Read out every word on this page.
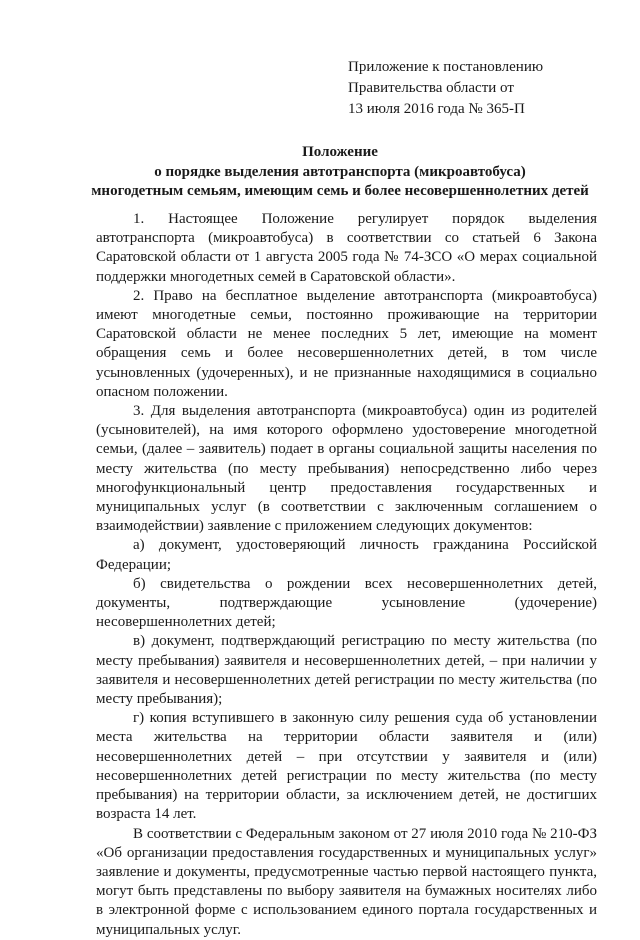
Приложение к постановлению
Правительства области от
13 июля 2016 года № 365-П
Положение
о порядке выделения автотранспорта (микроавтобуса)
многодетным семьям, имеющим семь и более несовершеннолетних детей

1. Настоящее Положение регулирует порядок выделения автотранспорта (микроавтобуса) в соответствии со статьей 6 Закона Саратовской области от 1 августа 2005 года № 74-ЗСО «О мерах социальной поддержки многодетных семей в Саратовской области».

2. Право на бесплатное выделение автотранспорта (микроавтобуса) имеют многодетные семьи, постоянно проживающие на территории Саратовской области не менее последних 5 лет, имеющие на момент обращения семь и более несовершеннолетних детей, в том числе усыновленных (удочеренных), и не признанные находящимися в социально опасном положении.

3. Для выделения автотранспорта (микроавтобуса) один из родителей (усыновителей), на имя которого оформлено удостоверение многодетной семьи, (далее – заявитель) подает в органы социальной защиты населения по месту жительства (по месту пребывания) непосредственно либо через многофункциональный центр предоставления государственных и муниципальных услуг (в соответствии с заключенным соглашением о взаимодействии) заявление с приложением следующих документов:

а) документ, удостоверяющий личность гражданина Российской Федерации;

б) свидетельства о рождении всех несовершеннолетних детей, документы, подтверждающие усыновление (удочерение) несовершеннолетних детей;

в) документ, подтверждающий регистрацию по месту жительства (по месту пребывания) заявителя и несовершеннолетних детей, – при наличии у заявителя и несовершеннолетних детей регистрации по месту жительства (по месту пребывания);

г) копия вступившего в законную силу решения суда об установлении места жительства на территории области заявителя и (или) несовершеннолетних детей – при отсутствии у заявителя и (или) несовершеннолетних детей регистрации по месту жительства (по месту пребывания) на территории области, за исключением детей, не достигших возраста 14 лет.

В соответствии с Федеральным законом от 27 июля 2010 года № 210-ФЗ «Об организации предоставления государственных и муниципальных услуг» заявление и документы, предусмотренные частью первой настоящего пункта, могут быть представлены по выбору заявителя на бумажных носителях либо в электронной форме с использованием единого портала государственных и муниципальных услуг.
